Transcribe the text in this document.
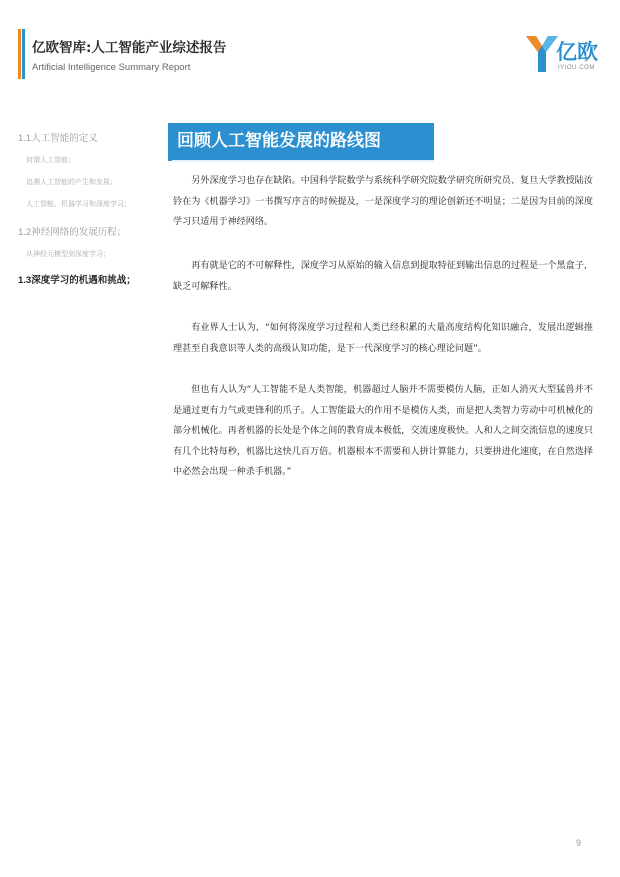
亿欧智库:人工智能产业综述报告
Artificial Intelligence Summary Report
亿欧
IYIOU·COM
1.1人工智能的定义
何谓人工智能；
追溯人工智能的产生和发展；
人工智能、机器学习和深度学习；
1.2神经网络的发展历程；
从神经元模型到深度学习；
1.3深度学习的机遇和挑战；
回顾人工智能发展的路线图
另外深度学习也存在缺陷。中国科学院数学与系统科学研究院数学研究所研究员、复旦大学教授陆汝钤在为《机器学习》一书撰写序言的时候提及，一是深度学习的理论创新还不明显；二是因为目前的深度学习只适用于神经网络。
再有就是它的不可解释性，深度学习从原始的输入信息到提取特征到输出信息的过程是一个黑盒子，缺乏可解释性。
有业界人士认为，“如何将深度学习过程和人类已经积累的大量高度结构化知识融合，发展出逻辑推理甚至自我意识等人类的高级认知功能，是下一代深度学习的核心理论问题”。
但也有人认为“人工智能不是人类智能，机器超过人脑并不需要模仿人脑，正如人消灭大型猛兽并不是通过更有力气或更锋利的爪子。人工智能最大的作用不是模仿人类，而是把人类智力劳动中可机械化的部分机械化。再者机器的长处是个体之间的教育成本极低，交流速度极快。人和人之间交流信息的速度只有几个比特每秒，机器比这快几百万倍。机器根本不需要和人拼计算能力，只要拼进化速度，在自然选择中必然会出现一种杀手机器。”
9
